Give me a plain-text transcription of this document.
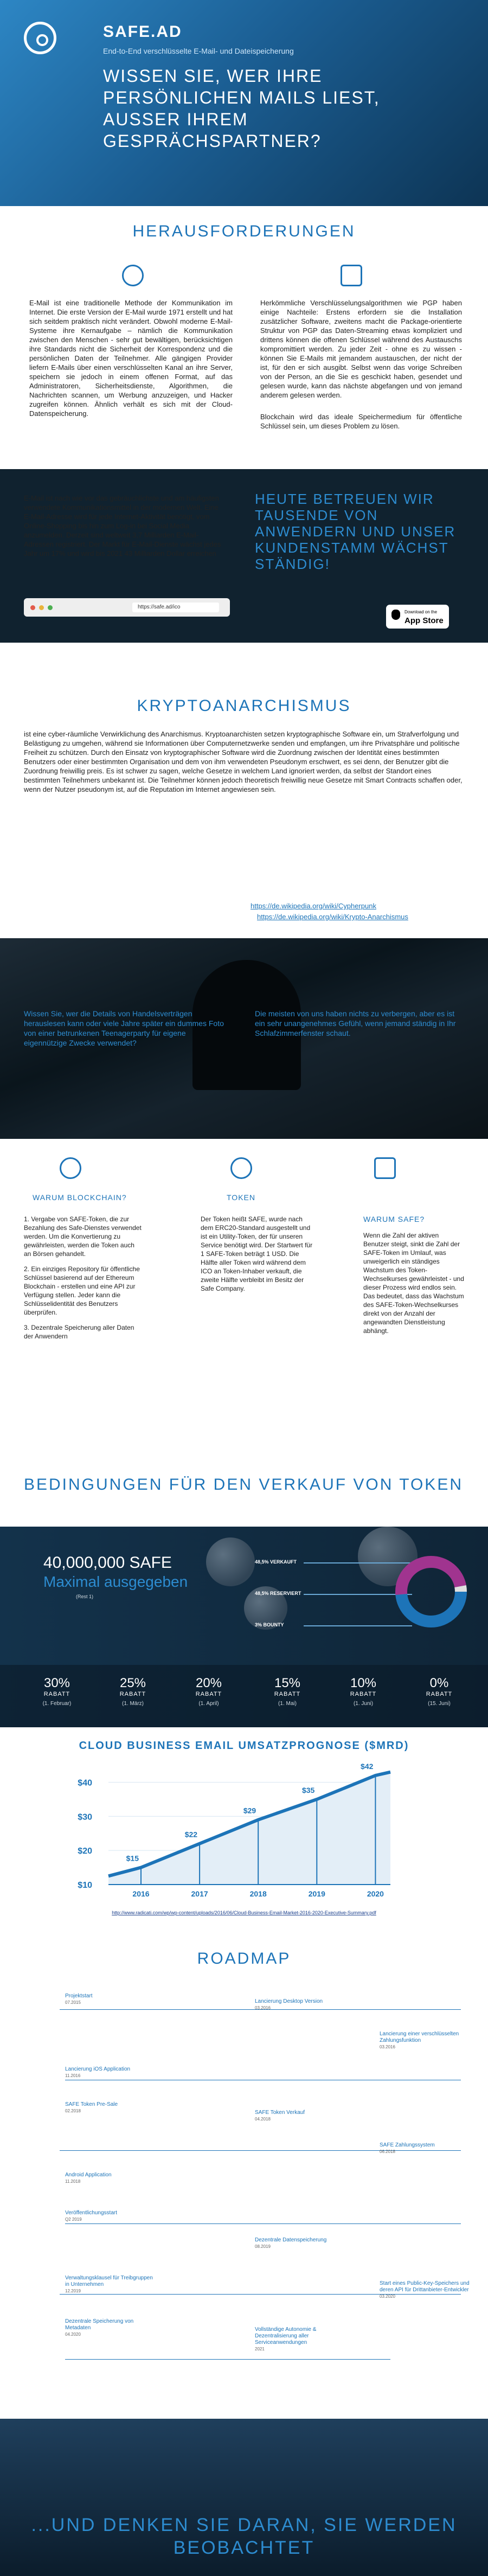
SAFE.AD
End-to-End verschlüsselte E-Mail- und Dateispeicherung
WISSEN SIE, WER IHRE PERSÖNLICHEN MAILS LIEST, AUSSER IHREM GESPRÄCHSPARTNER?
HERAUSFORDERUNGEN
E-Mail ist eine traditionelle Methode der Kommunikation im Internet. Die erste Version der E-Mail wurde 1971 erstellt und hat sich seitdem praktisch nicht verändert. Obwohl moderne E-Mail-Systeme ihre Kernaufgabe – nämlich die Kommunikation zwischen den Menschen - sehr gut bewältigen, berücksichtigen ihre Standards nicht die Sicherheit der Korrespondenz und die persönlichen Daten der Teilnehmer. Alle gängigen Provider liefern E-Mails über einen verschlüsselten Kanal an ihre Server, speichern sie jedoch in einem offenen Format, auf das Administratoren, Sicherheitsdienste, Algorithmen, die Nachrichten scannen, um Werbung anzuzeigen, und Hacker zugreifen können. Ähnlich verhält es sich mit der Cloud-Datenspeicherung.
Herkömmliche Verschlüsselungsalgorithmen wie PGP haben einige Nachteile: Erstens erfordern sie die Installation zusätzlicher Software, zweitens macht die Package-orientierte Struktur von PGP das Daten-Streaming etwas kompliziert und drittens können die offenen Schlüssel während des Austauschs kompromittiert werden. Zu jeder Zeit - ohne es zu wissen - können Sie E-Mails mit jemandem austauschen, der nicht der ist, für den er sich ausgibt. Selbst wenn das vorige Schreiben von der Person, an die Sie es geschickt haben, gesendet und gelesen wurde, kann das nächste abgefangen und von jemand anderem gelesen werden.
Blockchain wird das ideale Speichermedium für öffentliche Schlüssel sein, um dieses Problem zu lösen.
E-Mail ist nach wie vor das gebräuchlichste und am häufigsten verwendete Kommunikationsmittel in der modernen Welt. Eine E-Mail-Adresse wird für jede Internet-Aktivität benötigt, vom Online-Shopping bis hin zum Log-in bei Social Media anzumelden. Derzeit sind weltweit 3,7 Milliarden E-Mail-Adressen registriert. Der Markt für E-Mail-Dienste wächst jedes Jahr um 17% und wird bis 2021 43 Milliarden Dollar erreichen
https://safe.ad/ico
HEUTE BETREUEN WIR TAUSENDE VON ANWENDERN UND UNSER KUNDENSTAMM WÄCHST STÄNDIG!
Download on the
App Store
KRYPTOANARCHISMUS
ist eine cyber-räumliche Verwirklichung des Anarchismus. Kryptoanarchisten setzen kryptographische Software ein, um Strafverfolgung und Belästigung zu umgehen, während sie Informationen über Computernetzwerke senden und empfangen, um ihre Privatsphäre und politische Freiheit zu schützen. Durch den Einsatz von kryptographischer Software wird die Zuordnung zwischen der Identität eines bestimmten Benutzers oder einer bestimmten Organisation und dem von ihm verwendeten Pseudonym erschwert, es sei denn, der Benutzer gibt die Zuordnung freiwillig preis. Es ist schwer zu sagen, welche Gesetze in welchem Land ignoriert werden, da selbst der Standort eines bestimmten Teilnehmers unbekannt ist. Die Teilnehmer können jedoch theoretisch freiwillig neue Gesetze mit Smart Contracts schaffen oder, wenn der Nutzer pseudonym ist, auf die Reputation im Internet angewiesen sein.
https://de.wikipedia.org/wiki/Cypherpunk
https://de.wikipedia.org/wiki/Krypto-Anarchismus
Wissen Sie, wer die Details von Handelsverträgen herauslesen kann oder viele Jahre später ein dummes Foto von einer betrunkenen Teenagerparty für eigene eigennützige Zwecke verwendet?
Die meisten von uns haben nichts zu verbergen, aber es ist ein sehr unangenehmes Gefühl, wenn jemand ständig in Ihr Schlafzimmerfenster schaut.
WARUM BLOCKCHAIN?	TOKEN
WARUM SAFE?

1. Vergabe von SAFE-Token, die zur Bezahlung des Safe-Dienstes verwendet werden. Um die Konvertierung zu gewährleisten, werden die Token auch an Börsen gehandelt.

2. Ein einziges Repository für öffentliche Schlüssel basierend auf der Ethereum Blockchain - erstellen und eine API zur Verfügung stellen. Jeder kann die Schlüsselidentität des Benutzers überprüfen.

3. Dezentrale Speicherung aller Daten der Anwendern

Der Token heißt SAFE, wurde nach dem ERC20-Standard ausgestellt und ist ein Utility-Token, der für unseren Service benötigt wird. Der Startwert für 1 SAFE-Token beträgt 1 USD. Die Hälfte aller Token wird während dem ICO an Token-Inhaber verkauft, die zweite Hälfte verbleibt im Besitz der Safe Company.
Wenn die Zahl der aktiven Benutzer steigt, sinkt die Zahl der SAFE-Token im Umlauf, was unweigerlich ein ständiges Wachstum des Token-Wechselkurses gewährleistet - und dieser Prozess wird endlos sein. Das bedeutet, dass das Wachstum des SAFE-Token-Wechselkurses direkt von der Anzahl der angewandten Dienstleistung abhängt.
BEDINGUNGEN FÜR DEN VERKAUF VON TOKEN
40,000,000 SAFE
Maximal ausgegeben
(Rest 1)
48,5% VERKAUFT
48,5% RESERVIERT
3% BOUNTY
30%
RABATT
(1. Februar)
25%
RABATT
(1. März)
20%
RABATT
(1. April)
15%
RABATT
(1. Mai)
10%
RABATT
(1. Juni)
0%
RABATT
(15. Juni)
CLOUD BUSINESS EMAIL UMSATZPROGNOSE ($MRD)
$10
$20
$30
$40
$15
2016
$22
2017
$29
2018
$35
2019
$42
2020
http://www.radicati.com/wp/wp-content/uploads/2016/06/Cloud-Business-Email-Market-2016-2020-Executive-Summary.pdf
ROADMAP
Projektstart
07.2015	Lancierung Desktop Version
03.2016
Lancierung einer verschlüsselten Zahlungsfunktion
03.2016
Lancierung iOS Application
11.2016
SAFE Token Pre-Sale
02.2018	SAFE Token Verkauf
04.2018
SAFE Zahlungssystem
06.2018
Android Application
11.2018
Veröffentlichungsstart
Q2 2019
Dezentrale Datenspeicherung
08.2019
Verwaltungsklausel für Treibgruppen in Unternehmen
12.2019
Start eines Public-Key-Speichers und deren API für Drittanbieter-Entwickler
03.2020
Dezentrale Speicherung von Metadaten
04.2020
Vollständige Autonomie & Dezentralisierung aller Serviceanwendungen
2021
...UND DENKEN SIE DARAN, SIE WERDEN BEOBACHTET
